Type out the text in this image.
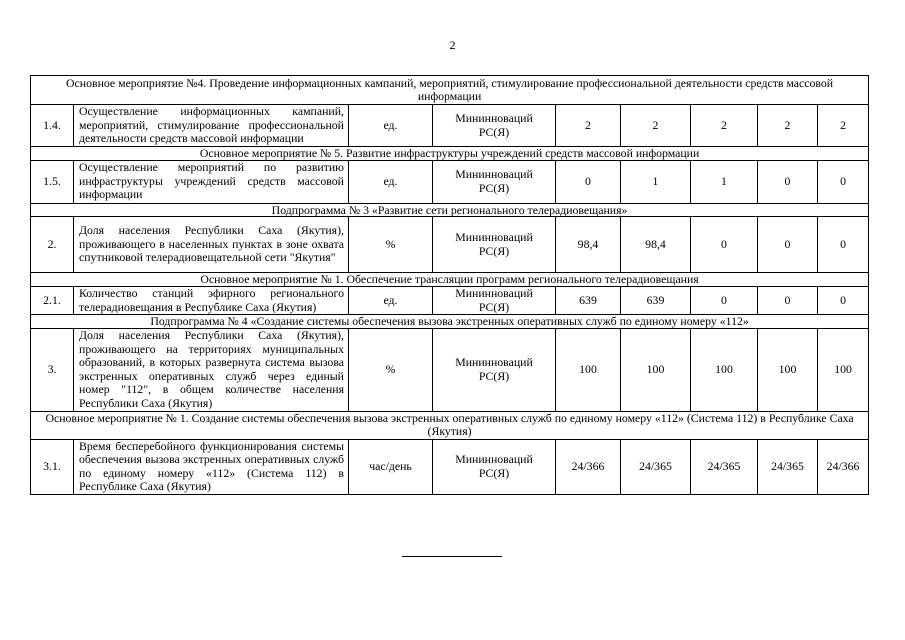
2
Основное мероприятие №4. Проведение информационных кампаний, мероприятий, стимулирование профессиональной деятельности средств массовой информации								
1.4.	Осуществление информационных кампаний, мероприятий, стимулирование профессиональной деятельности средств массовой информации	ед.	Мининноваций РС(Я)	2	2	2	2	2
Основное мероприятие № 5. Развитие инфраструктуры учреждений средств массовой информации								
1.5.	Осуществление мероприятий по развитию инфраструктуры учреждений средств массовой информации	ед.	Мининноваций РС(Я)	0	1	1	0	0
Подпрограмма № 3 «Развитие сети регионального телерадиовещания»								
2.	Доля населения Республики Саха (Якутия), проживающего в населенных пунктах в зоне охвата спутниковой телерадиовещательной сети "Якутия"	%	Мининноваций РС(Я)	98,4	98,4	0	0	0
Основное мероприятие № 1. Обеспечение трансляции программ регионального телерадиовещания								
2.1.	Количество станций эфирного регионального телерадиовещания в Республике Саха (Якутия)	ед.	Мининноваций РС(Я)	639	639	0	0	0
Подпрограмма № 4 «Создание системы обеспечения вызова экстренных оперативных служб по единому номеру «112»								
3.	Доля населения Республики Саха (Якутия), проживающего на территориях муниципальных образований, в которых развернута система вызова экстренных оперативных служб через единый номер "112", в общем количестве населения Республики Саха (Якутия)	%	Мининноваций РС(Я)	100	100	100	100	100
Основное мероприятие № 1. Создание системы обеспечения вызова экстренных оперативных служб по единому номеру «112» (Система 112) в Республике Саха (Якутия)								
3.1.	Время бесперебойного функционирования системы обеспечения вызова экстренных оперативных служб по единому номеру «112» (Система 112) в Республике Саха (Якутия)	час/день	Мининноваций РС(Я)	24/366	24/365	24/365	24/365	24/366
